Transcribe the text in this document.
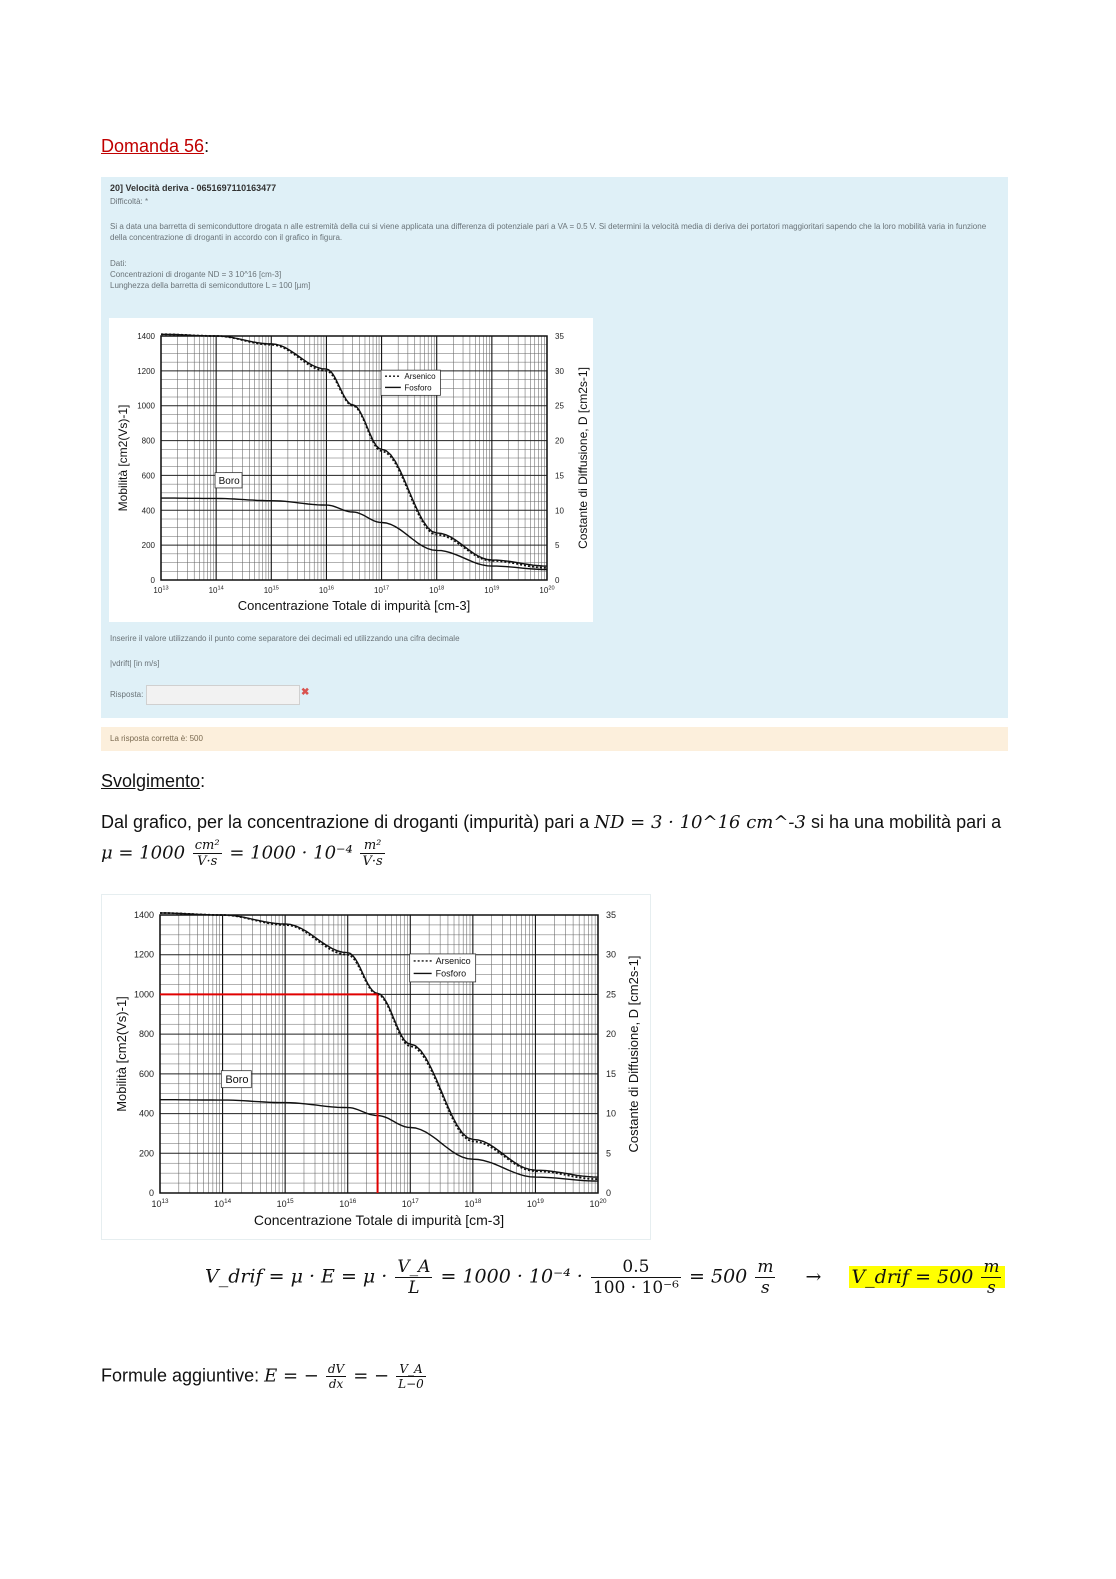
Domanda 56:
20] Velocità deriva - 0651697110163477
Difficoltà: *
Si a data una barretta di semiconduttore drogata n alle estremità della cui si viene applicata una differenza di potenziale pari a VA = 0.5 V. Si determini la velocità media di deriva dei portatori maggioritari sapendo che la loro mobilità varia in funzione della concentrazione di droganti in accordo con il grafico in figura.
Dati:
Concentrazioni di drogante ND = 3 10^16 [cm-3]
Lunghezza della barretta di semiconduttore L = 100 [µm]
$10^{13}$	$10^{14}$	$10^{15}$	$10^{16}$	$10^{17}$	$10^{18}$	$10^{19}$	$10^{20}$
0
200
400
600
800
1000
1200
1400
0
5
10
15
20
25
30
35
Concentrazione Totale di impurità [cm-3]
Mobilità [cm2(Vs)-1]	Costante di Diffusione, D [cm2s-1]
Arsenico
Fosforo
Boro
Inserire il valore utilizzando il punto come separatore dei decimali ed utilizzando una cifra decimale
|vdrift| [in m/s]
Risposta:	✖
La risposta corretta è: 500
Svolgimento:
Dal grafico, per la concentrazione di droganti (impurità) pari a ND = 3 · 10^16 cm^-3 si ha una mobilità pari a
$\mu = 1000 \frac{\text{cm²}}{V\cdot s} = 1000 \cdot 10^{-4} \frac{\text{m²}}{V\cdot s}$
$10^{13}$	$10^{14}$	$10^{15}$	$10^{16}$	$10^{17}$	$10^{18}$	$10^{19}$	$10^{20}$
0
200
400
600
800
1000
1200
1400
0
5
10
15
20
25
30
35
Concentrazione Totale di impurità [cm-3]
Mobilità [cm2(Vs)-1]	Costante di Diffusione, D [cm2s-1]
Arsenico
Fosforo
Boro
V_drif = $\mu \cdot E = \mu \cdot \frac{V\_A}{L} = 1000 \cdot 10^{-4} \cdot \frac{0.5}{\text{100 · 10⁻⁶}} = 500 \frac{m}{s}$ → V_drif = $500 \frac{m}{s}$
Formule aggiuntive: E = − $\frac{dV}{dx}$ = − $\frac{V\_A}{L-0}$
